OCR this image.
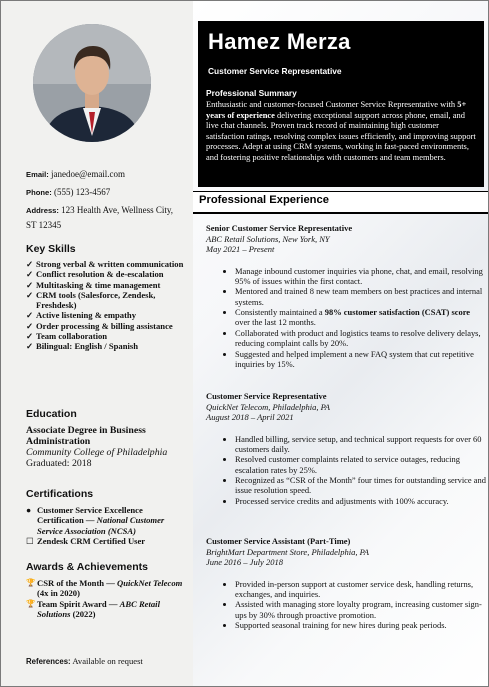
Email: janedoe@email.com
Phone: (555) 123-4567
Address: 123 Health Ave, Wellness City, ST 12345
Key Skills
✓ Strong verbal & written communication
✓ Conflict resolution & de-escalation
✓ Multitasking & time management
✓ CRM tools (Salesforce, Zendesk, Freshdesk)
✓ Active listening & empathy
✓ Order processing & billing assistance
✓ Team collaboration
✓ Bilingual: English / Spanish
Education
Associate Degree in Business Administration
Community College of Philadelphia
Graduated: 2018
Certifications
● Customer Service Excellence Certification — National Customer Service Association (NCSA)
☐ Zendesk CRM Certified User
Awards & Achievements
🏆 CSR of the Month — QuickNet Telecom (4x in 2020)
🏆 Team Spirit Award — ABC Retail Solutions (2022)
References: Available on request
Hamez Merza
Customer Service Representative
Professional Summary
Enthusiastic and customer-focused Customer Service Representative with 5+ years of experience delivering exceptional support across phone, email, and live chat channels. Proven track record of maintaining high customer satisfaction ratings, resolving complex issues efficiently, and improving support processes. Adept at using CRM systems, working in fast-paced environments, and fostering positive relationships with customers and team members.
Professional Experience
Senior Customer Service Representative
ABC Retail Solutions, New York, NY
May 2021 – Present
• Manage inbound customer inquiries via phone, chat, and email, resolving 95% of issues within the first contact.
• Mentored and trained 8 new team members on best practices and internal systems.
• Consistently maintained a 98% customer satisfaction (CSAT) score over the last 12 months.
• Collaborated with product and logistics teams to resolve delivery delays, reducing complaint calls by 20%.
• Suggested and helped implement a new FAQ system that cut repetitive inquiries by 15%.
Customer Service Representative
QuickNet Telecom, Philadelphia, PA
August 2018 – April 2021
• Handled billing, service setup, and technical support requests for over 60 customers daily.
• Resolved customer complaints related to service outages, reducing escalation rates by 25%.
• Recognized as “CSR of the Month” four times for outstanding service and issue resolution speed.
• Processed service credits and adjustments with 100% accuracy.
Customer Service Assistant (Part-Time)
BrightMart Department Store, Philadelphia, PA
June 2016 – July 2018
• Provided in-person support at customer service desk, handling returns, exchanges, and inquiries.
• Assisted with managing store loyalty program, increasing customer sign-ups by 30% through proactive promotion.
• Supported seasonal training for new hires during peak periods.
